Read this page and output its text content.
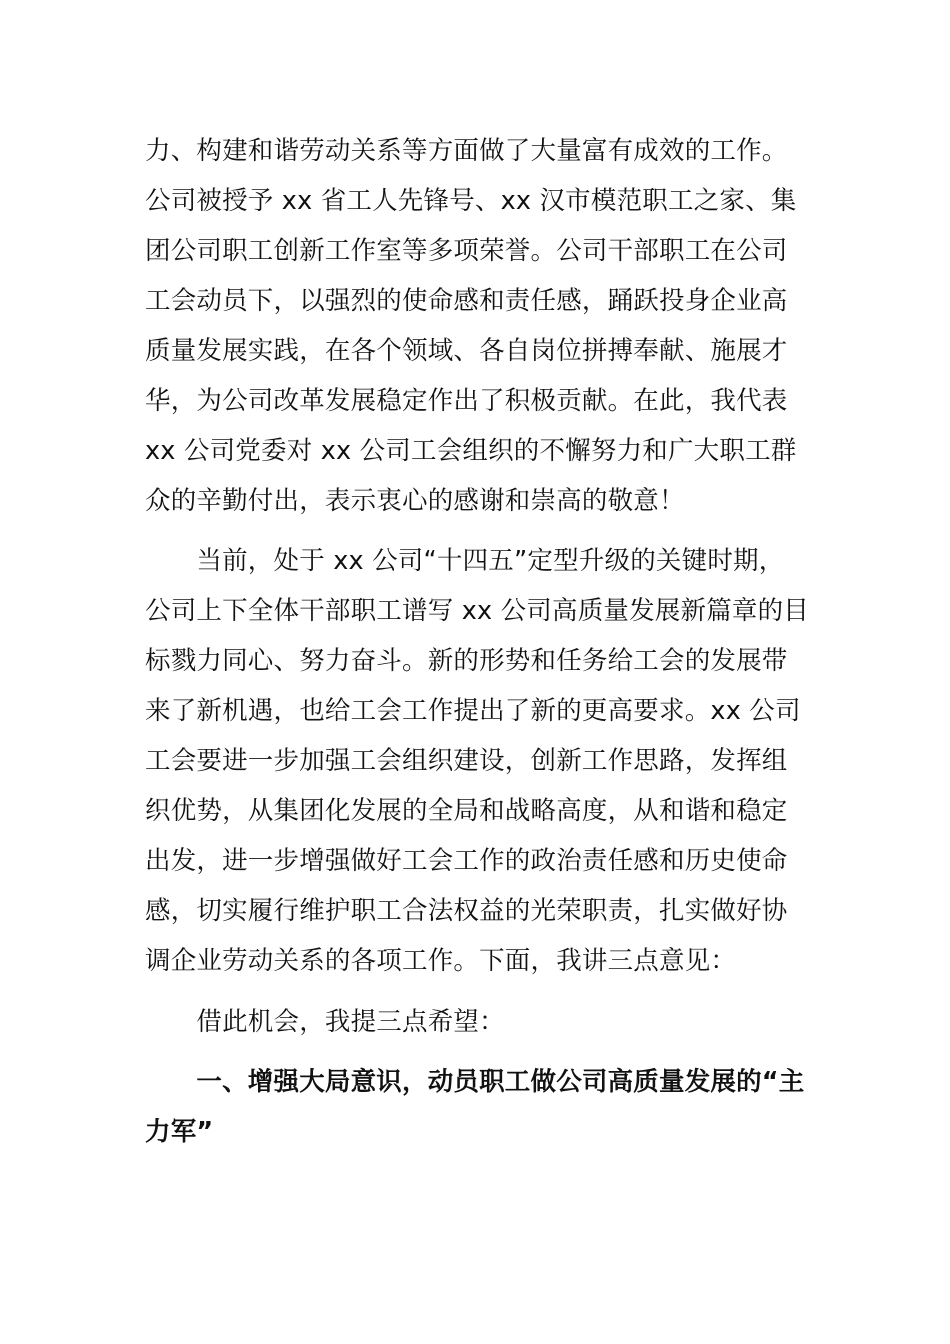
力、构建和谐劳动关系等方面做了大量富有成效的工作。
公司被授予 xx 省工人先锋号、xx 汉市模范职工之家、集
团公司职工创新工作室等多项荣誉。公司干部职工在公司
工会动员下，以强烈的使命感和责任感，踊跃投身企业高
质量发展实践，在各个领域、各自岗位拼搏奉献、施展才
华，为公司改革发展稳定作出了积极贡献。在此，我代表
xx 公司党委对 xx 公司工会组织的不懈努力和广大职工群
众的辛勤付出，表示衷心的感谢和崇高的敬意！
　　当前，处于 xx 公司“十四五”定型升级的关键时期，
公司上下全体干部职工谱写 xx 公司高质量发展新篇章的目
标戮力同心、努力奋斗。新的形势和任务给工会的发展带
来了新机遇，也给工会工作提出了新的更高要求。xx 公司
工会要进一步加强工会组织建设，创新工作思路，发挥组
织优势，从集团化发展的全局和战略高度，从和谐和稳定
出发，进一步增强做好工会工作的政治责任感和历史使命
感，切实履行维护职工合法权益的光荣职责，扎实做好协
调企业劳动关系的各项工作。下面，我讲三点意见：
　　借此机会，我提三点希望：
　　一、增强大局意识，动员职工做公司高质量发展的“主
力军”
